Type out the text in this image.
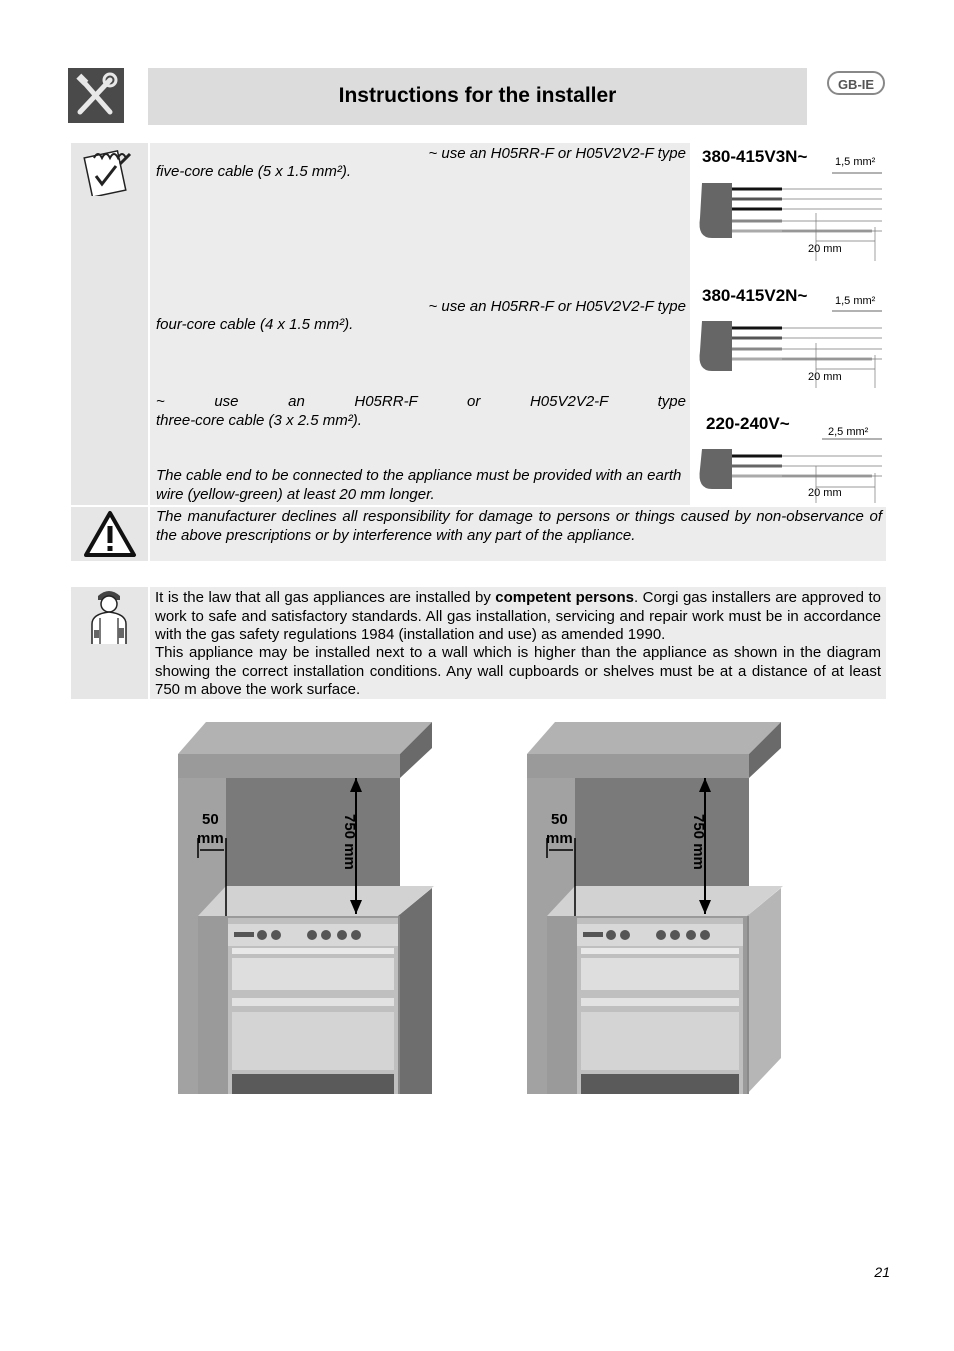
Instructions for the installer	GB-IE
~ use an H05RR-F or H05V2V2-F type
five-core cable (5 x 1.5 mm²).
~ use an H05RR-F or H05V2V2-F type
four-core cable (4 x 1.5 mm²).
~ use an H05RR-F or H05V2V2-F type
three-core cable (3 x 2.5 mm²).
The cable end to be connected to the appliance must be provided with an earth wire (yellow-green) at least 20 mm longer.
380-415V3N~	1,5 mm²
20 mm
380-415V2N~	1,5 mm²
20 mm
220-240V~	2,5 mm²
20 mm
The manufacturer declines all responsibility for damage to persons or things caused by non-observance of the above prescriptions or by interference with any part of the appliance.
It is the law that all gas appliances are installed by competent persons. Corgi gas installers are approved to work to safe and satisfactory standards. All gas installation, servicing and repair work must be in accordance with the gas safety regulations 1984 (installation and use) as amended 1990.
This appliance may be installed next to a wall which is higher than the appliance as shown in the diagram showing the correct installation conditions. Any wall cupboards or shelves must be at a distance of at least 750 m above the work surface.
50
mm	750 mm	50
mm	750 mm
21
